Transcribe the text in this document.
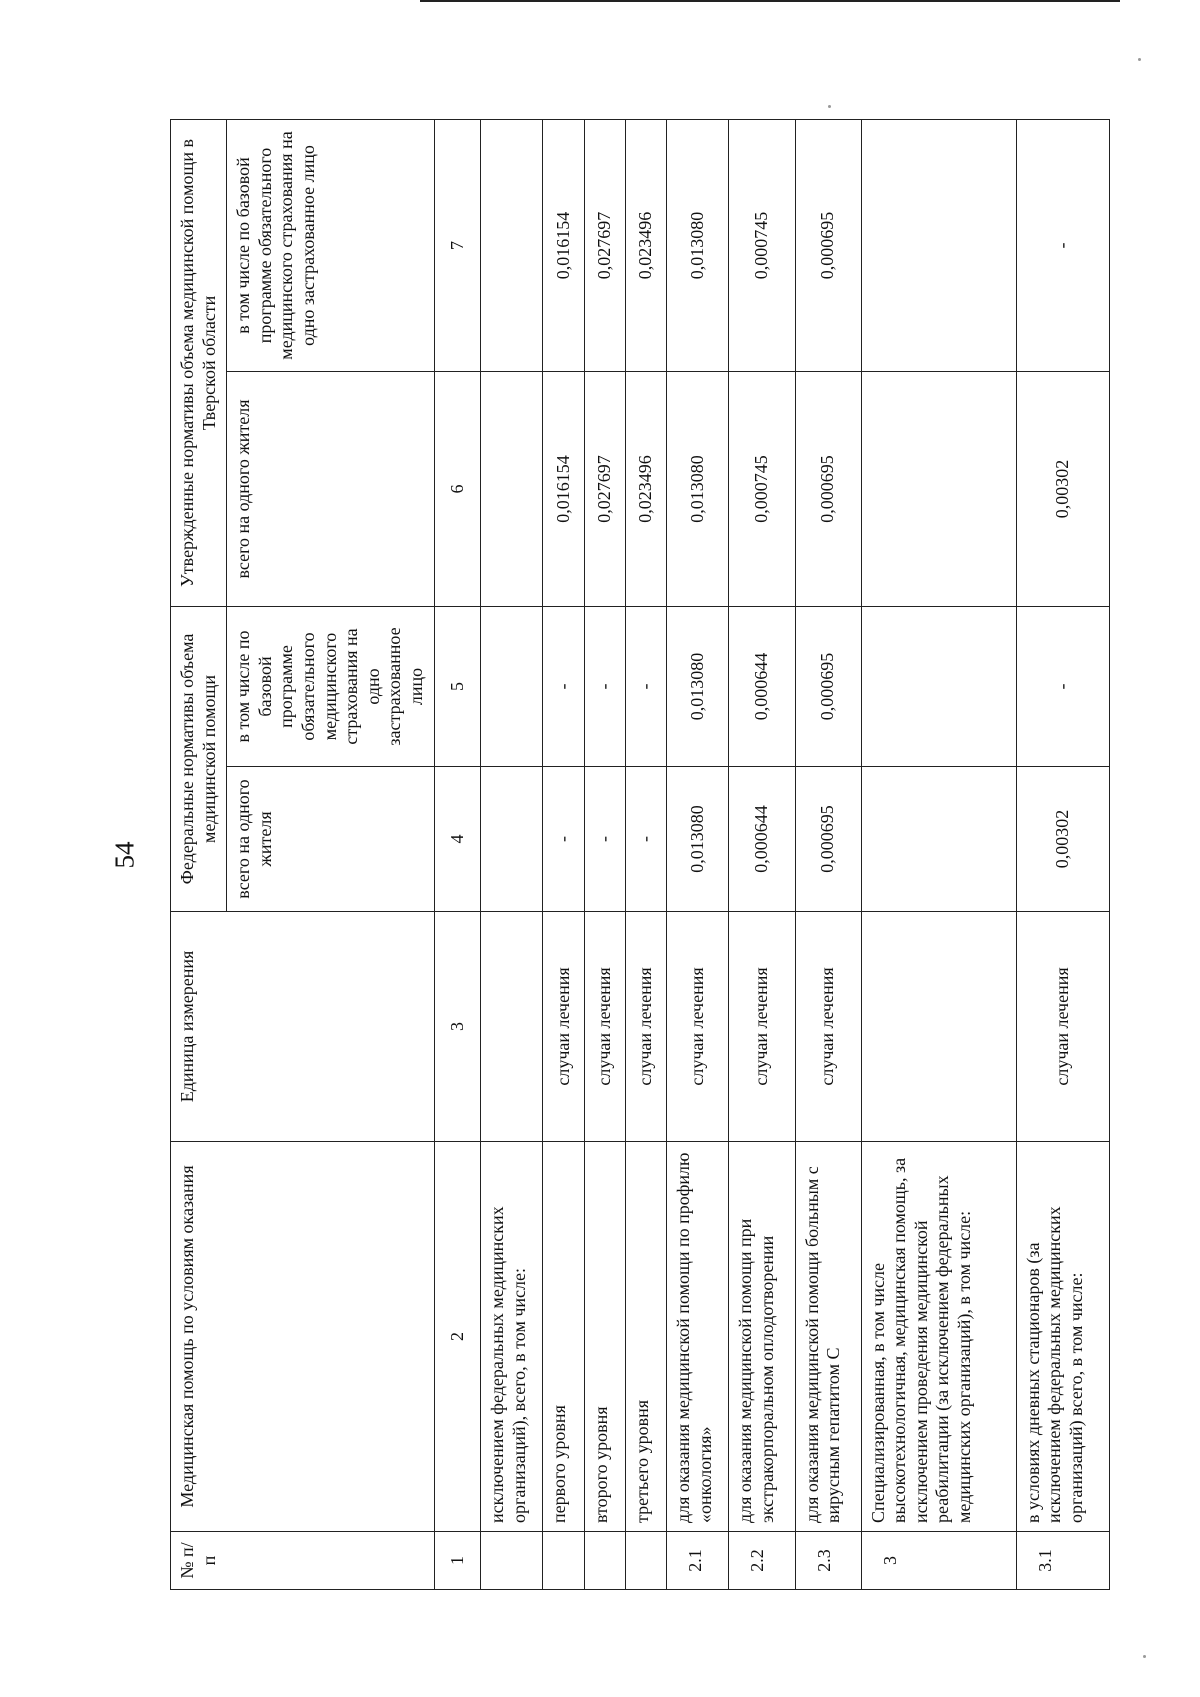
54
№ п/п	Медицинская помощь по условиям оказания	Единица измерения	Федеральные нормативы объема медицинской помощи		Утвержденные нормативы объема медицинской помощи в Тверской области	
			всего на одного жителя	в том числе по базовой программе обязательного медицинского страхования на одно застрахованное лицо	всего на одного жителя	в том числе по базовой программе обязательного медицинского страхования на одно застрахованное лицо
1	2	3	4	5	6	7
	исключением федеральных медицинских организаций), всего, в том числе:					
	первого уровня	случаи лечения	-	-	0,016154	0,016154
	второго уровня	случаи лечения	-	-	0,027697	0,027697
	третьего уровня	случаи лечения	-	-	0,023496	0,023496
2.1	для оказания медицинской помощи по профилю «онкология»	случаи лечения	0,013080	0,013080	0,013080	0,013080
2.2	для оказания медицинской помощи при экстракорпоральном оплодотворении	случаи лечения	0,000644	0,000644	0,000745	0,000745
2.3	для оказания медицинской помощи больным с вирусным гепатитом С	случаи лечения	0,000695	0,000695	0,000695	0,000695
3	Специализированная, в том числе высокотехнологичная, медицинская помощь, за исключением проведения медицинской реабилитации (за исключением федеральных медицинских организаций), в том числе:					
3.1	в условиях дневных стационаров (за исключением федеральных медицинских организаций) всего, в том числе:	случаи лечения	0,00302	-	0,00302	-
